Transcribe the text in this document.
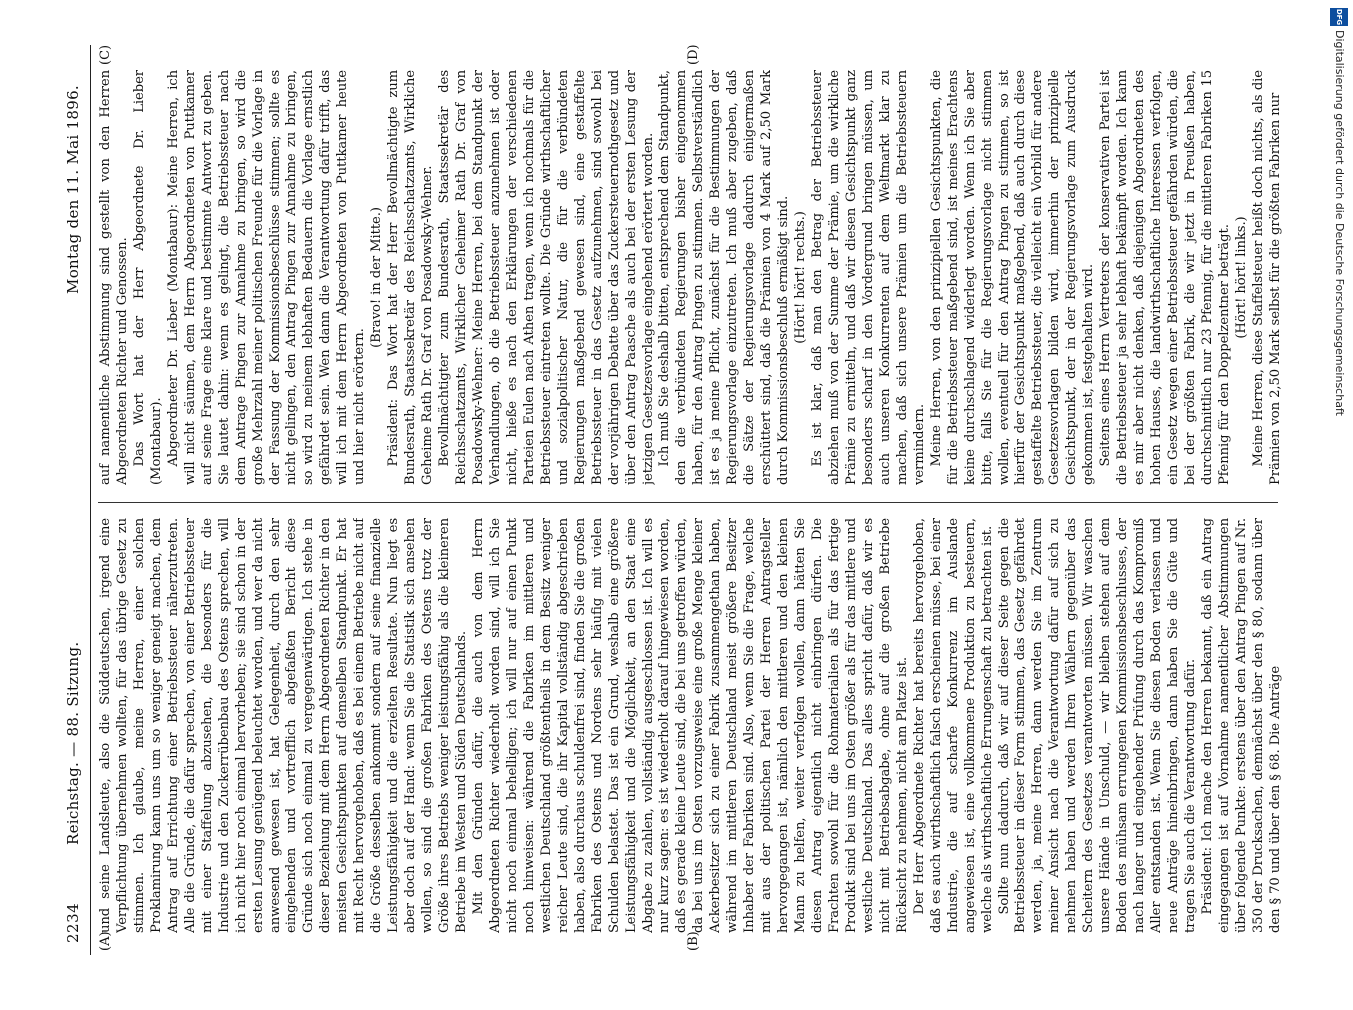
2234
Reichstag. — 88. Sitzung.
Montag den 11. Mai 1896.
(A)	(B)
(C)	(D)

und seine Landsleute, also die Süddeutschen, irgend eine Verpflichtung übernehmen wollten, für das übrige Gesetz zu stimmen. Ich glaube, meine Herren, einer solchen Proklamirung kann uns um so weniger geneigt machen, dem Antrag auf Errichtung einer Betriebssteuer näherzutreten. Alle die Gründe, die dafür sprechen, von einer Betriebssteuer mit einer Staffelung abzusehen, die besonders für die Industrie und den Zuckerrübenbau des Ostens sprechen, will ich nicht hier noch einmal hervorheben; sie sind schon in der ersten Lesung genügend beleuchtet worden, und wer da nicht anwesend gewesen ist, hat Gelegenheit, durch den sehr eingehenden und vortrefflich abgefaßten Bericht diese Gründe sich noch einmal zu vergegenwärtigen. Ich stehe in dieser Beziehung mit dem Herrn Abgeordneten Richter in den meisten Gesichtspunkten auf demselben Standpunkt. Er hat mit Recht hervorgehoben, daß es bei einem Betriebe nicht auf die Größe desselben ankommt sondern auf seine finanzielle Leistungsfähigkeit und die erzielten Resultate. Nun liegt es aber doch auf der Hand: wenn Sie die Statistik sich ansehen wollen, so sind die großen Fabriken des Ostens trotz der Größe ihres Betriebs weniger leistungsfähig als die kleineren Betriebe im Westen und Süden Deutschlands. Mit den Gründen dafür, die auch von dem Herrn Abgeordneten Richter wiederholt worden sind, will ich Sie nicht noch einmal behelligen; ich will nur auf einen Punkt noch hinweisen: während die Fabriken im mittleren und westlichen Deutschland größtentheils in dem Besitz weniger reicher Leute sind, die ihr Kapital vollständig abgeschrieben haben, also durchaus schuldenfrei sind, finden Sie die großen Fabriken des Ostens und Nordens sehr häufig mit vielen Schulden belastet. Das ist ein Grund, weshalb eine größere Leistungsfähigkeit und die Möglichkeit, an den Staat eine Abgabe zu zahlen, vollständig ausgeschlossen ist. Ich will es nur kurz sagen: es ist wiederholt darauf hingewiesen worden, daß es gerade kleine Leute sind, die bei uns getroffen würden, da bei uns im Osten vorzugsweise eine große Menge kleiner Ackerbesitzer sich zu einer Fabrik zusammengethan haben, während im mittleren Deutschland meist größere Besitzer Inhaber der Fabriken sind. Also, wenn Sie die Frage, welche mit aus der politischen Partei der Herren Antragsteller hervorgegangen ist, nämlich den mittleren und den kleinen Mann zu helfen, weiter verfolgen wollen, dann hätten Sie diesen Antrag eigentlich nicht einbringen dürfen. Die Frachten sowohl für die Rohmaterialien als für das fertige Produkt sind bei uns im Osten größer als für das mittlere und westliche Deutschland. Das alles spricht dafür, daß wir es nicht mit Betriebsabgabe, ohne auf die großen Betriebe Rücksicht zu nehmen, nicht am Platze ist. Der Herr Abgeordnete Richter hat bereits hervorgehoben, daß es auch wirthschaftlich falsch erscheinen müsse, bei einer Industrie, die auf scharfe Konkurrenz im Auslande angewiesen ist, eine vollkommene Produktion zu besteuern, welche als wirthschaftliche Errungenschaft zu betrachten ist. Sollte nun dadurch, daß wir auf dieser Seite gegen die Betriebssteuer in dieser Form stimmen, das Gesetz gefährdet werden, ja, meine Herren, dann werden Sie im Zentrum meiner Ansicht nach die Verantwortung dafür auf sich zu nehmen haben und werden Ihren Wählern gegenüber das Scheitern des Gesetzes verantworten müssen. Wir waschen unsere Hände in Unschuld, — wir bleiben stehen auf dem Boden des mühsam errungenen Kommissionsbeschlusses, der nach langer und eingehender Prüfung durch das Kompromiß Aller entstanden ist. Wenn Sie diesen Boden verlassen und neue Anträge hineinbringen, dann haben Sie die Güte und tragen Sie auch die Verantwortung dafür. Präsident: Ich mache den Herren bekannt, daß ein Antrag eingegangen ist auf Vornahme namentlicher Abstimmungen über folgende Punkte: erstens über den Antrag Pingen auf Nr. 350 der Drucksachen, demnächst über den § 80, sodann über den § 70 und über den § 68. Die Anträge

auf namentliche Abstimmung sind gestellt von den Herren Abgeordneten Richter und Genossen. Das Wort hat der Herr Abgeordnete Dr. Lieber (Montabaur). Abgeordneter Dr. Lieber (Montabaur): Meine Herren, ich will nicht säumen, dem Herrn Abgeordneten von Puttkamer auf seine Frage eine klare und bestimmte Antwort zu geben. Sie lautet dahin: wenn es gelingt, die Betriebssteuer nach dem Antrage Pingen zur Annahme zu bringen, so wird die große Mehrzahl meiner politischen Freunde für die Vorlage in der Fassung der Kommissionsbeschlüsse stimmen; sollte es nicht gelingen, den Antrag Pingen zur Annahme zu bringen, so wird zu meinem lebhaften Bedauern die Vorlage ernstlich gefährdet sein. Wen dann die Verantwortung dafür trifft, das will ich mit dem Herrn Abgeordneten von Puttkamer heute und hier nicht erörtern.

(Bravo! in der Mitte.) Präsident: Das Wort hat der Herr Bevollmächtigte zum Bundesrath, Staatssekretär des Reichsschatzamts, Wirkliche Geheime Rath Dr. Graf von Posadowsky-Wehner. Bevollmächtigter zum Bundesrath, Staatssekretär des Reichsschatzamts, Wirklicher Geheimer Rath Dr. Graf von Posadowsky-Wehner: Meine Herren, bei dem Standpunkt der Verhandlungen, ob die Betriebssteuer anzunehmen ist oder nicht, hieße es nach den Erklärungen der verschiedenen Parteien Eulen nach Athen tragen, wenn ich nochmals für die Betriebssteuer eintreten wollte. Die Gründe wirthschaftlicher und sozialpolitischer Natur, die für die verbündeten Regierungen maßgebend gewesen sind, eine gestaffelte Betriebssteuer in das Gesetz aufzunehmen, sind sowohl bei der vorjährigen Debatte über das Zuckersteuernothgesetz und über den Antrag Paasche als auch bei der ersten Lesung der jetzigen Gesetzesvorlage eingehend erörtert worden. Ich muß Sie deshalb bitten, entsprechend dem Standpunkt, den die verbündeten Regierungen bisher eingenommen haben, für den Antrag Pingen zu stimmen. Selbstverständlich ist es ja meine Pflicht, zunächst für die Bestimmungen der Regierungsvorlage einzutreten. Ich muß aber zugeben, daß die Sätze der Regierungsvorlage dadurch einigermaßen erschüttert sind, daß die Prämien von 4 Mark auf 2,50 Mark durch Kommissionsbeschluß ermäßigt sind. (Hört! hört! rechts.) Es ist klar, daß man den Betrag der Betriebssteuer abziehen muß von der Summe der Prämie, um die wirkliche Prämie zu ermitteln, und daß wir diesen Gesichtspunkt ganz besonders scharf in den Vordergrund bringen müssen, um auch unseren Konkurrenten auf dem Weltmarkt klar zu machen, daß sich unsere Prämien um die Betriebssteuern vermindern. Meine Herren, von den prinzipiellen Gesichtspunkten, die für die Betriebssteuer maßgebend sind, ist meines Erachtens keine durchschlagend widerlegt worden. Wenn ich Sie aber bitte, falls Sie für die Regierungsvorlage nicht stimmen wollen, eventuell für den Antrag Pingen zu stimmen, so ist hierfür der Gesichtspunkt maßgebend, daß auch durch diese gestaffelte Betriebssteuer, die vielleicht ein Vorbild für andere Gesetzesvorlagen bilden wird, immerhin der prinzipielle Gesichtspunkt, der in der Regierungsvorlage zum Ausdruck gekommen ist, festgehalten wird. Seitens eines Herrn Vertreters der konservativen Partei ist die Betriebssteuer ja sehr lebhaft bekämpft worden. Ich kann es mir aber nicht denken, daß diejenigen Abgeordneten des hohen Hauses, die landwirthschaftliche Interessen verfolgen, ein Gesetz wegen einer Betriebssteuer gefährden würden, die bei der größten Fabrik, die wir jetzt in Preußen haben, durchschnittlich nur 23 Pfennig, für die mittleren Fabriken 15 Pfennig für den Doppelzentner beträgt. (Hört! hört! links.) Meine Herren, diese Staffelsteuer heißt doch nichts, als die Prämien von 2,50 Mark selbst für die größten Fabriken nur

DFG
Digitalisierung gefördert durch die Deutsche Forschungsgemeinschaft
